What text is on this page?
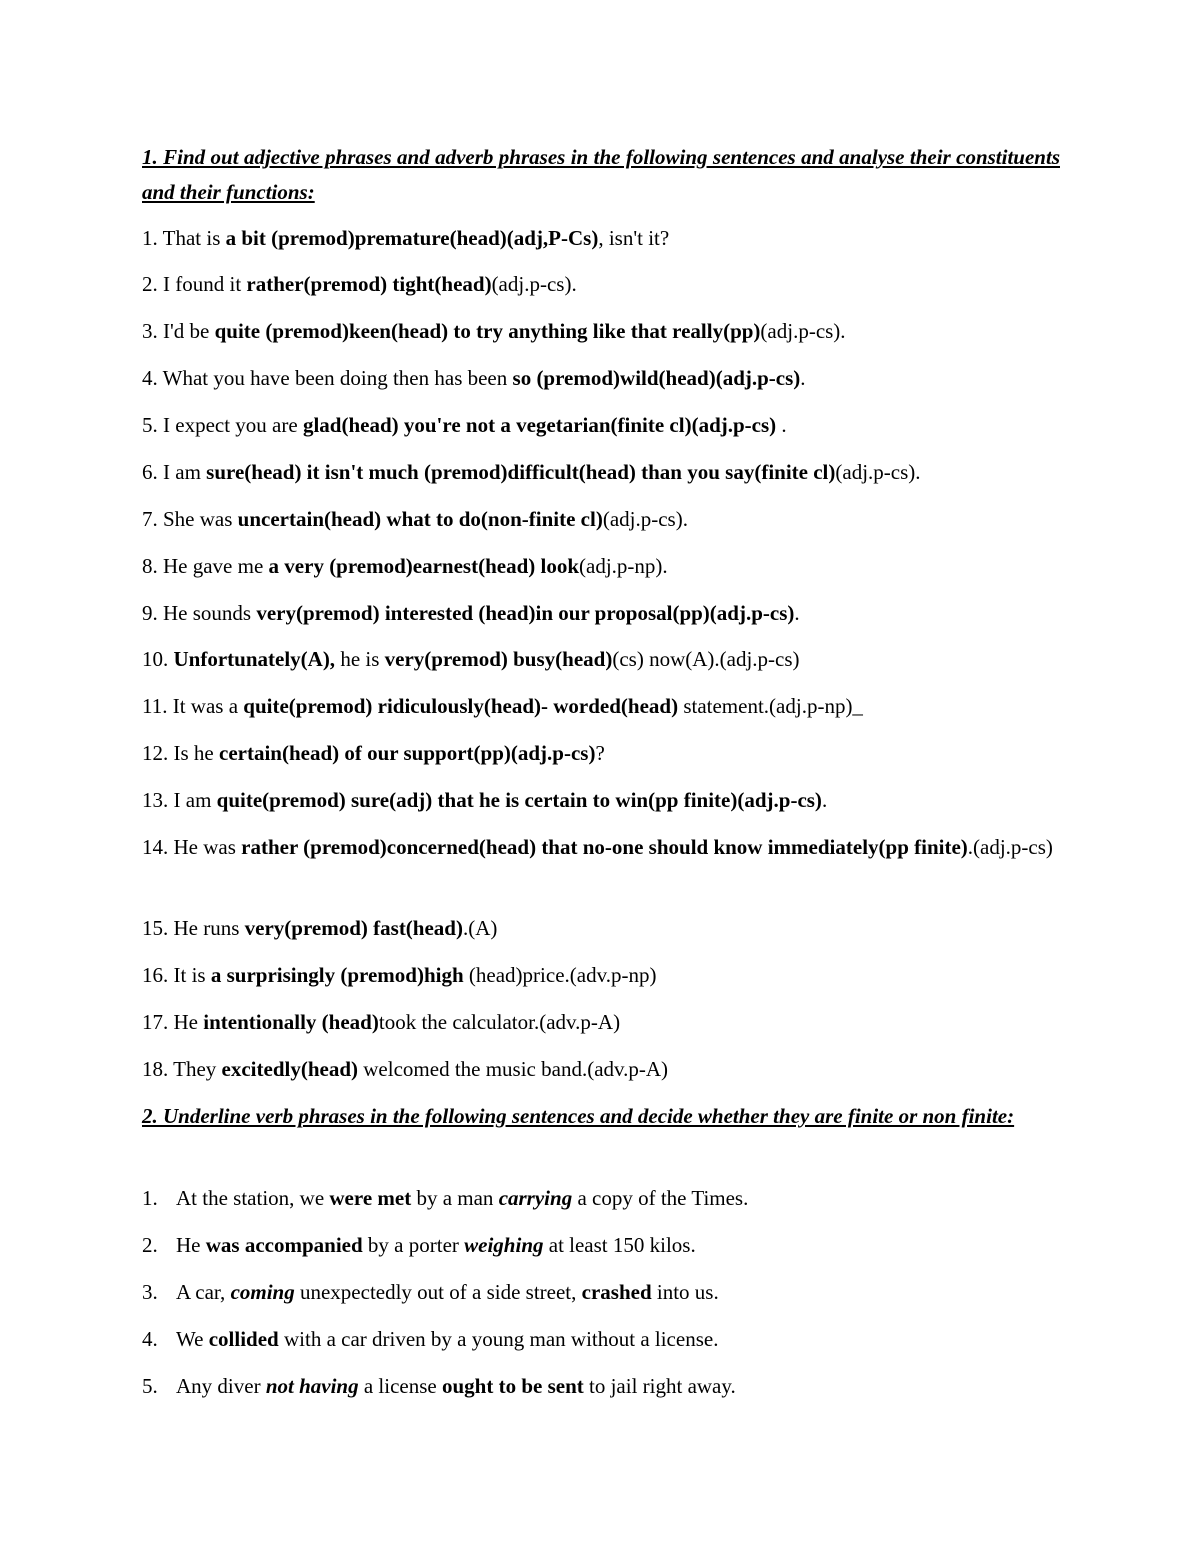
1. Find out adjective phrases and adverb phrases in the following sentences and analyse their constituents and their functions:
1. That is a bit (premod)premature(head)(adj,P-Cs), isn't it?
2. I found it rather(premod) tight(head)(adj.p-cs).
3. I'd be quite (premod)keen(head) to try anything like that really(pp)(adj.p-cs).
4. What you have been doing then has been so (premod)wild(head)(adj.p-cs).
5. I expect you are glad(head) you're not a vegetarian(finite cl)(adj.p-cs) .
6. I am sure(head) it isn't much (premod)difficult(head) than you say(finite cl)(adj.p-cs).
7. She was uncertain(head) what to do(non-finite cl)(adj.p-cs).
8. He gave me a very (premod)earnest(head) look(adj.p-np).
9. He sounds very(premod) interested (head)in our proposal(pp)(adj.p-cs).
10. Unfortunately(A), he is very(premod) busy(head)(cs) now(A).(adj.p-cs)
11. It was a quite(premod) ridiculously(head)- worded(head) statement.(adj.p-np)_
12. Is he certain(head) of our support(pp)(adj.p-cs)?
13. I am quite(premod) sure(adj) that he is certain to win(pp finite)(adj.p-cs).
14. He was rather (premod)concerned(head) that no-one should know immediately(pp finite).(adj.p-cs)
15. He runs very(premod) fast(head).(A)
16. It is a surprisingly (premod)high (head)price.(adv.p-np)
17. He intentionally (head)took the calculator.(adv.p-A)
18. They excitedly(head) welcomed the music band.(adv.p-A)
2. Underline verb phrases in the following sentences and decide whether they are finite or non finite:
1. At the station, we were met by a man carrying a copy of the Times.
2. He was accompanied by a porter weighing at least 150 kilos.
3. A car, coming unexpectedly out of a side street, crashed into us.
4. We collided with a car driven by a young man without a license.
5. Any diver not having a license ought to be sent to jail right away.
